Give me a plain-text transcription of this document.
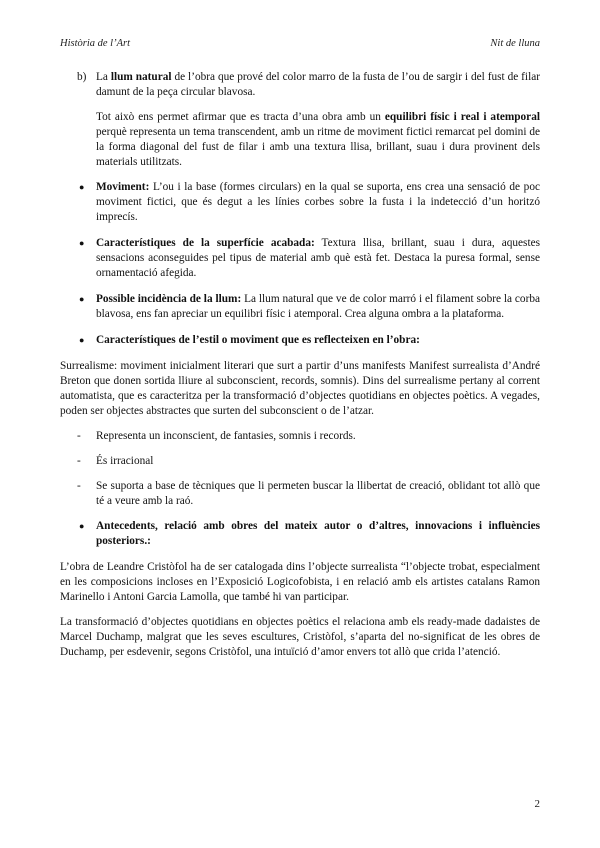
Història de l’Art	Nit de lluna
b) La llum natural de l’obra que prové del color marro de la fusta de l’ou de sargir i del fust de filar damunt de la peça circular blavosa.

Tot això ens permet afirmar que es tracta d’una obra amb un equilibri físic i real i atemporal perquè representa un tema transcendent, amb un ritme de moviment fictici remarcat pel domini de la forma diagonal del fust de filar i amb una textura llisa, brillant, suau i dura provinent dels materials utilitzats.

● Moviment: L’ou i la base (formes circulars) en la qual se suporta, ens crea una sensació de poc moviment fictici, que és degut a les línies corbes sobre la fusta i la indetecció d’un horitzó imprecís.
● Característiques de la superfície acabada: Textura llisa, brillant, suau i dura, aquestes sensacions aconseguides pel tipus de material amb què està fet. Destaca la puresa formal, sense ornamentació afegida.
● Possible incidència de la llum: La llum natural que ve de color marró i el filament sobre la corba blavosa, ens fan apreciar un equilibri físic i atemporal. Crea alguna ombra a la plataforma.
● Característiques de l’estil o moviment que es reflecteixen en l’obra:

Surrealisme: moviment inicialment literari que surt a partir d’uns manifests Manifest surrealista d’André Breton que donen sortida lliure al subconscient, records, somnis). Dins del surrealisme pertany al corrent automatista, que es caracteritza per la transformació d’objectes quotidians en objectes poètics. A vegades, poden ser objectes abstractes que surten del subconscient o de l’atzar.

- Representa un inconscient, de fantasies, somnis i records.
- És irracional
- Se suporta a base de tècniques que li permeten buscar la llibertat de creació, oblidant tot allò que té a veure amb la raó.
● Antecedents, relació amb obres del mateix autor o d’altres, innovacions i influències posteriors.:

L’obra de Leandre Cristòfol ha de ser catalogada dins l’objecte surrealista “l’objecte trobat, especialment en les composicions incloses en l’Exposició Logicofobista, i en relació amb els artistes catalans Ramon Marinello i Antoni Garcia Lamolla, que també hi van participar.

La transformació d’objectes quotidians en objectes poètics el relaciona amb els ready-made dadaistes de Marcel Duchamp, malgrat que les seves escultures, Cristòfol, s’aparta del no-significat de les obres de Duchamp, per esdevenir, segons Cristòfol, una intuïció d’amor envers tot allò que crida l’atenció.

2
